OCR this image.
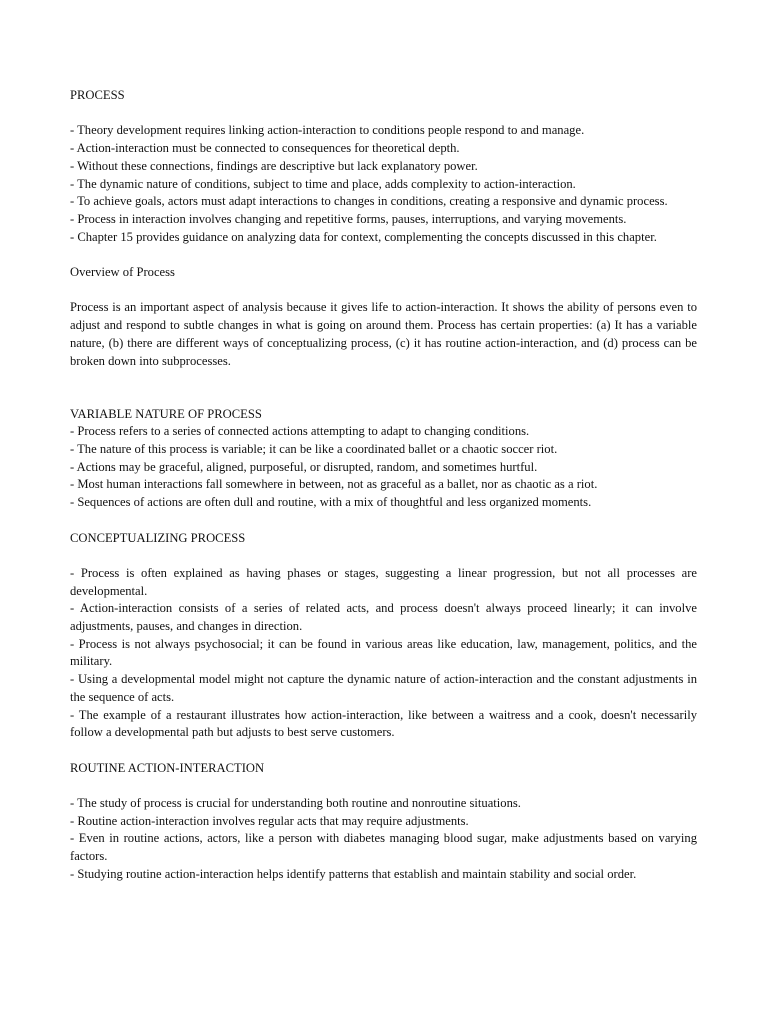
PROCESS

- Theory development requires linking action-interaction to conditions people respond to and manage.

- Action-interaction must be connected to consequences for theoretical depth.

- Without these connections, findings are descriptive but lack explanatory power.

- The dynamic nature of conditions, subject to time and place, adds complexity to action-interaction.

- To achieve goals, actors must adapt interactions to changes in conditions, creating a responsive and dynamic process.

- Process in interaction involves changing and repetitive forms, pauses, interruptions, and varying movements.

- Chapter 15 provides guidance on analyzing data for context, complementing the concepts discussed in this chapter.

Overview of Process

Process is an important aspect of analysis because it gives life to action-interaction. It shows the ability of persons even to adjust and respond to subtle changes in what is going on around them. Process has certain properties: (a) It has a variable nature, (b) there are different ways of conceptualizing process, (c) it has routine action-interaction, and (d) process can be broken down into subprocesses.

VARIABLE NATURE OF PROCESS

- Process refers to a series of connected actions attempting to adapt to changing conditions.

- The nature of this process is variable; it can be like a coordinated ballet or a chaotic soccer riot.

- Actions may be graceful, aligned, purposeful, or disrupted, random, and sometimes hurtful.

- Most human interactions fall somewhere in between, not as graceful as a ballet, nor as chaotic as a riot.

- Sequences of actions are often dull and routine, with a mix of thoughtful and less organized moments.

CONCEPTUALIZING PROCESS

- Process is often explained as having phases or stages, suggesting a linear progression, but not all processes are developmental.

- Action-interaction consists of a series of related acts, and process doesn't always proceed linearly; it can involve adjustments, pauses, and changes in direction.

- Process is not always psychosocial; it can be found in various areas like education, law, management, politics, and the military.

- Using a developmental model might not capture the dynamic nature of action-interaction and the constant adjustments in the sequence of acts.

- The example of a restaurant illustrates how action-interaction, like between a waitress and a cook, doesn't necessarily follow a developmental path but adjusts to best serve customers.

ROUTINE ACTION-INTERACTION

- The study of process is crucial for understanding both routine and nonroutine situations.

- Routine action-interaction involves regular acts that may require adjustments.

- Even in routine actions, actors, like a person with diabetes managing blood sugar, make adjustments based on varying factors.

- Studying routine action-interaction helps identify patterns that establish and maintain stability and social order.
